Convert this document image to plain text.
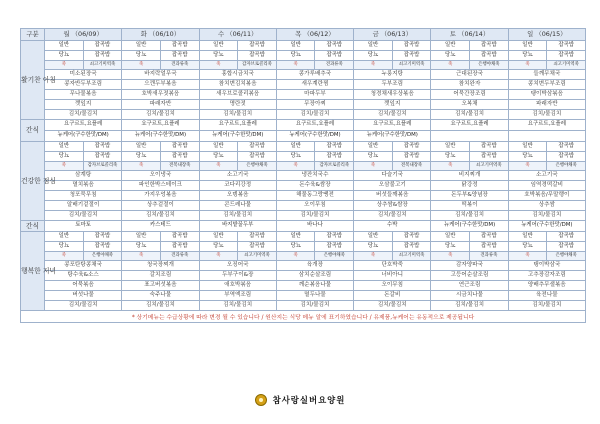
구분	월 （06/09）	화 （06/10）	수 （06/11）	목 （06/12）	금 （06/13）	토 （06/14）	일 （06/15）
활기찬 아침	일반 잡곡밥	일반 잡곡밥	일반 잡곡밥	일반 잡곡밥	일반 잡곡밥	일반 잡곡밥	일반 잡곡밥

당뇨 잡곡밥	당뇨 잡곡밥	당뇨 잡곡밥	당뇨 잡곡밥	당뇨 잡곡밥	당뇨 잡곡밥	당뇨 잡곡밥

죽 쇠고기미역죽	죽 견과류죽	죽 감자브로콜리죽	죽 견과류죽	죽 쇠고기미역죽	죽 은행야채죽	죽 쇠고기미역죽

	미소된장국	바지락얼무국	홍합시금치국	콩가루배추국	누룽지탕	근대된장국	들깨무채국
	콩자반두부조림	으깬두부볶음	참치변김치볶음	새우계란찜	두부조림	참치완자	콩치변두부조림
	무나물볶음	호박새우젓볶음	새우브로콜리볶음	마파두부	청경채새우상볶음	어묵간장조림	탱이박삼볶음
	깻잎지	파래자반	명란젓	무장아찌	깻잎지	오복채	파래자반
	김치/물김치	김치/물김치	김치/물김치	김치/물김치	김치/물김치	김치/물김치	김치/물김치
간식	요구르트,요플레	요구르트,요플레	요구르트,요플레	요구르트,요플레	요구르트,요플레	요구르트,요플레	요구르트,요플레
	뉴케어(구수한맛/DM)	뉴케어(구수한맛/DM)	뉴케어(구수한맛/DM)	뉴케어(구수한맛/DM)	뉴케어(구수한맛/DM)		
건강한 점심	일반 잡곡밥	일반 잡곡밥	일반 잡곡밥	일반 잡곡밥	일반 잡곡밥	일반 잡곡밥	일반 잡곡밥

당뇨 잡곡밥	당뇨 잡곡밥	당뇨 잡곡밥	당뇨 잡곡밥	당뇨 잡곡밥	당뇨 잡곡밥	당뇨 잡곡밥

죽 감자브로콜리죽	죽 전복내장죽	죽 은행야채죽	죽 감자브로콜리죽	죽 전복내장죽	죽 쇠고기미역죽	죽 은행야채죽

	삼계탕	오이냉국	소고기국	냉잔치국수	다슬기국	비지찌개	소고기국
	멸치볶음	파인한박스테이크	코다리강정	돈수육&쌈장	오삼불고기	닭강정	임역경떡갈비
	청포묵무침	가지우엉볶음	오뎅볶음	해물동그랑땡전	버섯들깨볶음	돈두부&양념장	호박볶음/무말랭이
	알배기겉절이	상추겉절이	콘드레나물	오이무침	상추쌈&쌈장	떡볶이	상추쌈
	김치/물김치	김치/물김치	김치/물김치	김치/물김치	김치/물김치	김치/물김치	김치/물김치
간식	토마토	카스테드	바지밭꿀두부	바나나	수박	뉴케어(구수한맛/DM)	뉴케어(구수한맛/DM)
행복한 저녁	일반 잡곡밥	일반 잡곡밥	일반 잡곡밥	일반 잡곡밥	일반 잡곡밥	일반 잡곡밥	일반 잡곡밥

당뇨 잡곡밥	당뇨 잡곡밥	당뇨 잡곡밥	당뇨 잡곡밥	당뇨 잡곡밥	당뇨 잡곡밥	당뇨 잡곡밥

죽 은행야채죽	죽 견과류죽	죽 쇠고기미역죽	죽 은행야채죽	죽 쇠고기미역죽	죽 견과류죽	죽 은행야채죽

	콩포탄탕콩채국	청국장찌개	오징어국	육개장	단호박죽	감자양파국	탱이박삼국
	탕수육&소스	갈치조림	두부구이&장	삼치순살조림	너비아니	고등어순살조림	고추장감자조림
	어묵볶음	표고버섯볶음	애호박볶음	깨순볶음나물	오이무침	연근조림	양배추무샐볶음
	버섯나물	숙주나물	부역엑조림	멸두나물	돈갈비	시금치나물	육전나물
	김치/물김치	김치/물김치	김치/물김치	김치/물김치	김치/물김치	김치/물김치	김치/물김치
* 상기메뉴는 수급상황에 따라 변경 될 수 있습니다 / 원산지는 식당 메뉴 알에 표기하였습니다 / 유제품,뉴케어는 유동적으로 제공됩니다
참사랑실버요양원
